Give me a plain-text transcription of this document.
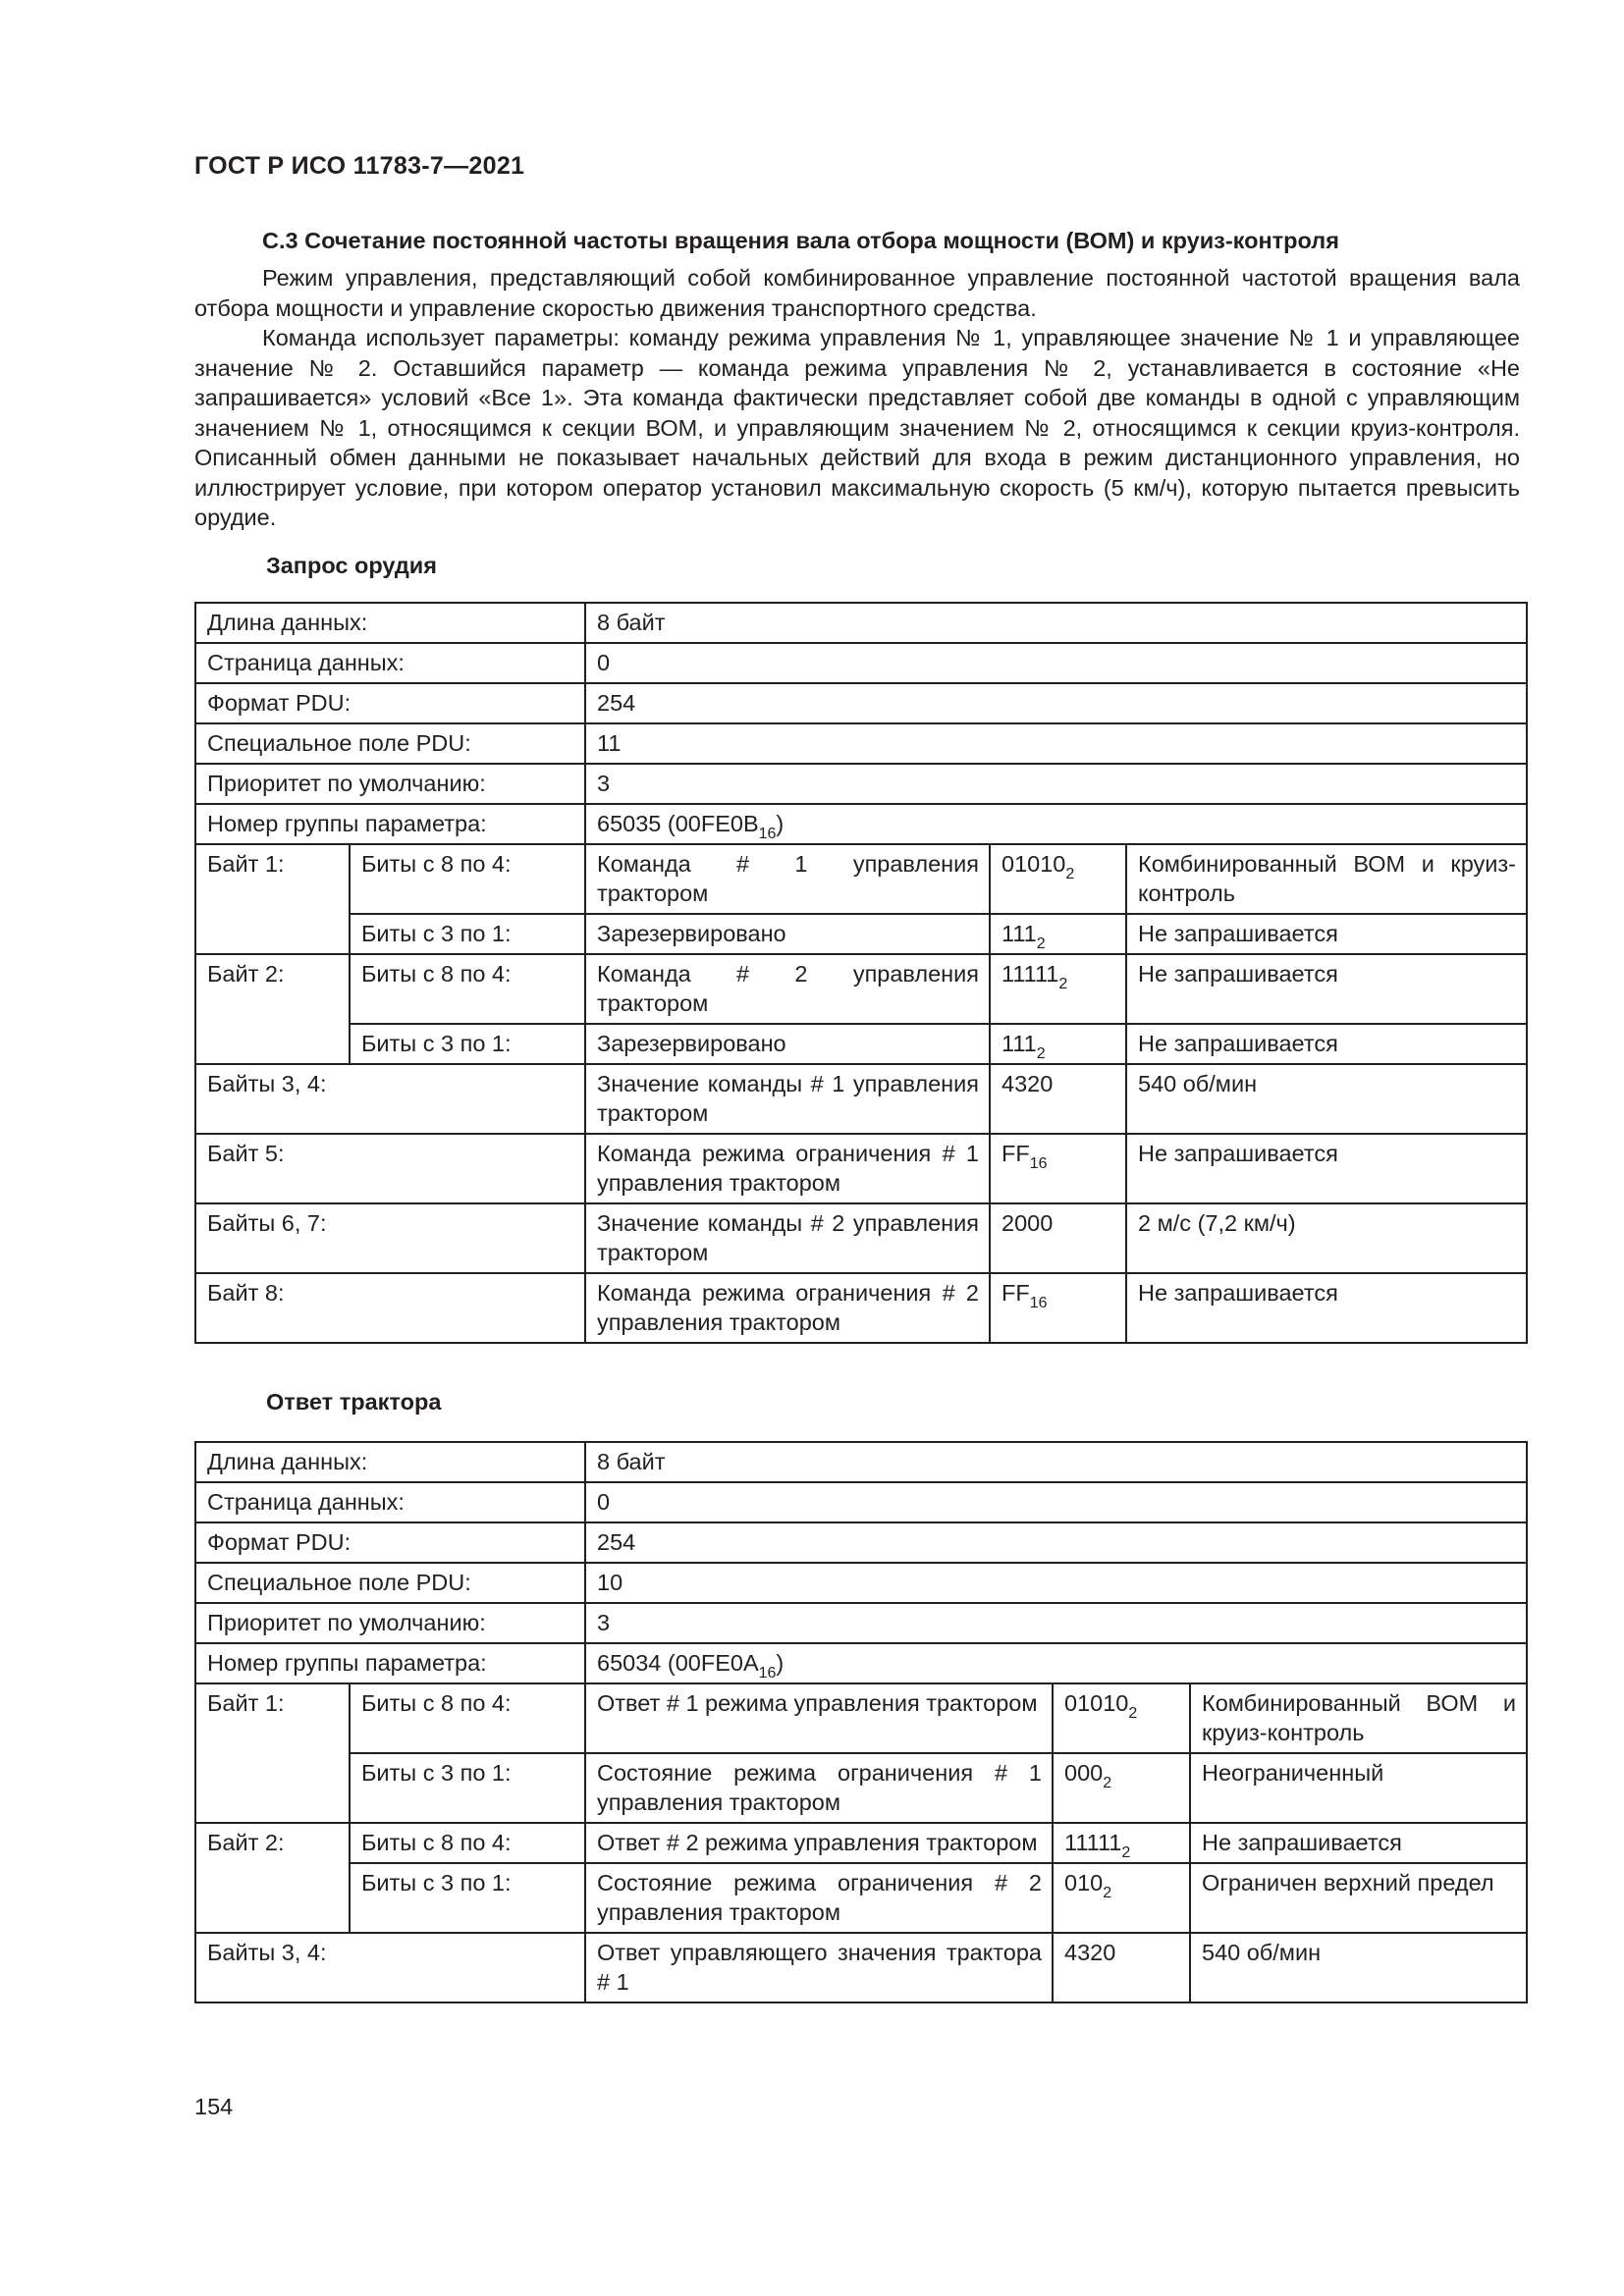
ГОСТ Р ИСО 11783-7—2021
С.3 Сочетание постоянной частоты вращения вала отбора мощности (ВОМ) и круиз-контроля
Режим управления, представляющий собой комбинированное управление постоянной частотой вращения вала отбора мощности и управление скоростью движения транспортного средства.
Команда использует параметры: команду режима управления № 1, управляющее значение № 1 и управляющее значение № 2. Оставшийся параметр — команда режима управления № 2, устанавливается в состояние «Не запрашивается» условий «Все 1». Эта команда фактически представляет собой две команды в одной с управляющим значением № 1, относящимся к секции ВОМ, и управляющим значением № 2, относящимся к секции круиз-контроля. Описанный обмен данными не показывает начальных действий для входа в режим дистанционного управления, но иллюстрирует условие, при котором оператор установил максимальную скорость (5 км/ч), которую пытается превысить орудие.
Запрос орудия
Длина данных:		8 байт		
Страница данных:		0		
Формат PDU:		254		
Специальное поле PDU:		11		
Приоритет по умолчанию:		3		
Номер группы параметра:		65035 $(00FE0B_{16})$		
Байт 1:	Биты с 8 по 4:	Команда # 1 управления трактором	$01010_2$	Комбинированный ВОМ и круиз-контроль
	Биты с 3 по 1:	Зарезервировано	$111_2$	Не запрашивается
Байт 2:	Биты с 8 по 4:	Команда # 2 управления трактором	$11111_2$	Не запрашивается
	Биты с 3 по 1:	Зарезервировано	$111_2$	Не запрашивается
Байты 3, 4:		Значение команды # 1 управления трактором	4320	540 об/мин
Байт 5:		Команда режима ограничения # 1 управления трактором	$FF_{16}$	Не запрашивается
Байты 6, 7:		Значение команды # 2 управления трактором	2000	2 м/с (7,2 км/ч)
Байт 8:		Команда режима ограничения # 2 управления трактором	$FF_{16}$	Не запрашивается
Ответ трактора
Длина данных:		8 байт		
Страница данных:		0		
Формат PDU:		254		
Специальное поле PDU:		10		
Приоритет по умолчанию:		3		
Номер группы параметра:		65034 $(00FE0A_{16})$		
Байт 1:	Биты с 8 по 4:	Ответ # 1 режима управления трактором	$01010_2$	Комбинированный ВОМ и круиз-контроль
	Биты с 3 по 1:	Состояние режима ограничения # 1 управления трактором	$000_2$	Неограниченный
Байт 2:	Биты с 8 по 4:	Ответ # 2 режима управления трактором	$11111_2$	Не запрашивается
	Биты с 3 по 1:	Состояние режима ограничения # 2 управления трактором	$010_2$	Ограничен верхний предел
Байты 3, 4:		Ответ управляющего значения трактора # 1	4320	540 об/мин
154
